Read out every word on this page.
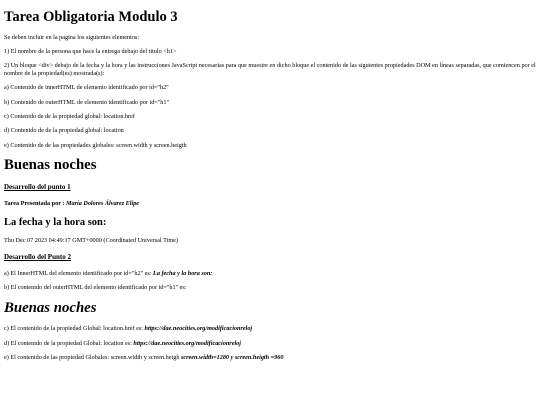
Tarea Obligatoria Modulo 3

Se deben incluir en la pagina los siguientes elementos:

1) El nombre de la persona que hace la entrega debajo del titulo <h1>

2) Un bloque <div> debajo de la fecha y la hora y las instrucciones JavaScript necesarias para que muestre en dicho bloque el contenido de las siguientes propiedades DOM en líneas separadas, que comiencen por el nombre de la propiedad(es) mostrada(s):

a) Contenido de innerHTML de elemento identificado por id="h2"

b) Contenido de outerHTML de elemento identificado por id="h1"

c) Contenido de de la propiedad global: location.href

d) Contenido de de la propiedad global: location

e) Contenido de de las propiedades globales: screen.width y screen.heigth

Buenas noches
Desarrollo del punto 1

Tarea Presentada por : María Dolores Álvarez Elipe

La fecha y la hora son:

Thu Dec 07 2023 04:49:17 GMT+0000 (Coordinated Universal Time)

Desarrollo del Punto 2

a) El InnerHTML del elemento identificado por id="h2" es: La fecha y la hora son:

b) El contenido del outerHTML del elemento identificado por id="h1" es:

Buenas noches

c) El contenido de la propiedad Global: location.href es: https://dae.neocities.org/modificacionreloj

d) El contenido de la propiedad Global: location es: https://dae.neocities.org/modificacionreloj

e) El contenido de las propiedad Globales: screen.width y screen.heigh screen.width=1280 y screen.heigth =960
